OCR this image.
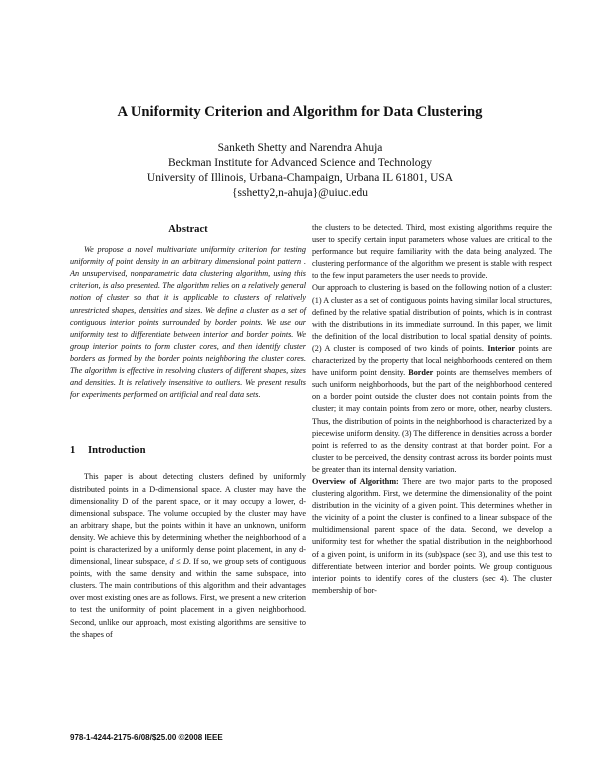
A Uniformity Criterion and Algorithm for Data Clustering
Sanketh Shetty and Narendra Ahuja
Beckman Institute for Advanced Science and Technology
University of Illinois, Urbana-Champaign, Urbana IL 61801, USA
{sshetty2,n-ahuja}@uiuc.edu
Abstract

We propose a novel multivariate uniformity criterion for testing uniformity of point density in an arbitrary dimensional point pattern . An unsupervised, nonparametric data clustering algorithm, using this criterion, is also presented. The algorithm relies on a relatively general notion of cluster so that it is applicable to clusters of relatively unrestricted shapes, densities and sizes. We define a cluster as a set of contiguous interior points surrounded by border points. We use our uniformity test to differentiate between interior and border points. We group interior points to form cluster cores, and then identify cluster borders as formed by the border points neighboring the cluster cores. The algorithm is effective in resolving clusters of different shapes, sizes and densities. It is relatively insensitive to outliers. We present results for experiments performed on artificial and real data sets.

1 Introduction

This paper is about detecting clusters defined by uniformly distributed points in a D-dimensional space. A cluster may have the dimensionality D of the parent space, or it may occupy a lower, d-dimensional subspace. The volume occupied by the cluster may have an arbitrary shape, but the points within it have an unknown, uniform density. We achieve this by determining whether the neighborhood of a point is characterized by a uniformly dense point placement, in any d-dimensional, linear subspace, d ≤ D. If so, we group sets of contiguous points, with the same density and within the same subspace, into clusters. The main contributions of this algorithm and their advantages over most existing ones are as follows. First, we present a new criterion to test the uniformity of point placement in a given neighborhood. Second, unlike our approach, most existing algorithms are sensitive to the shapes of

the clusters to be detected. Third, most existing algorithms require the user to specify certain input parameters whose values are critical to the performance but require familiarity with the data being analyzed. The clustering performance of the algorithm we present is stable with respect to the few input parameters the user needs to provide.

Our approach to clustering is based on the following notion of a cluster: (1) A cluster as a set of contiguous points having similar local structures, defined by the relative spatial distribution of points, which is in contrast with the distributions in its immediate surround. In this paper, we limit the definition of the local distribution to local spatial density of points. (2) A cluster is composed of two kinds of points. Interior points are characterized by the property that local neighborhoods centered on them have uniform point density. Border points are themselves members of such uniform neighborhoods, but the part of the neighborhood centered on a border point outside the cluster does not contain points from the cluster; it may contain points from zero or more, other, nearby clusters. Thus, the distribution of points in the neighborhood is characterized by a piecewise uniform density. (3) The difference in densities across a border point is referred to as the density contrast at that border point. For a cluster to be perceived, the density contrast across its border points must be greater than its internal density variation.

Overview of Algorithm: There are two major parts to the proposed clustering algorithm. First, we determine the dimensionality of the point distribution in the vicinity of a given point. This determines whether in the vicinity of a point the cluster is confined to a linear subspace of the multidimensional parent space of the data. Second, we develop a uniformity test for whether the spatial distribution in the neighborhood of a given point, is uniform in its (sub)space (sec 3), and use this test to differentiate between interior and border points. We group contiguous interior points to identify cores of the clusters (sec 4). The cluster membership of bor-

978-1-4244-2175-6/08/$25.00 ©2008 IEEE
